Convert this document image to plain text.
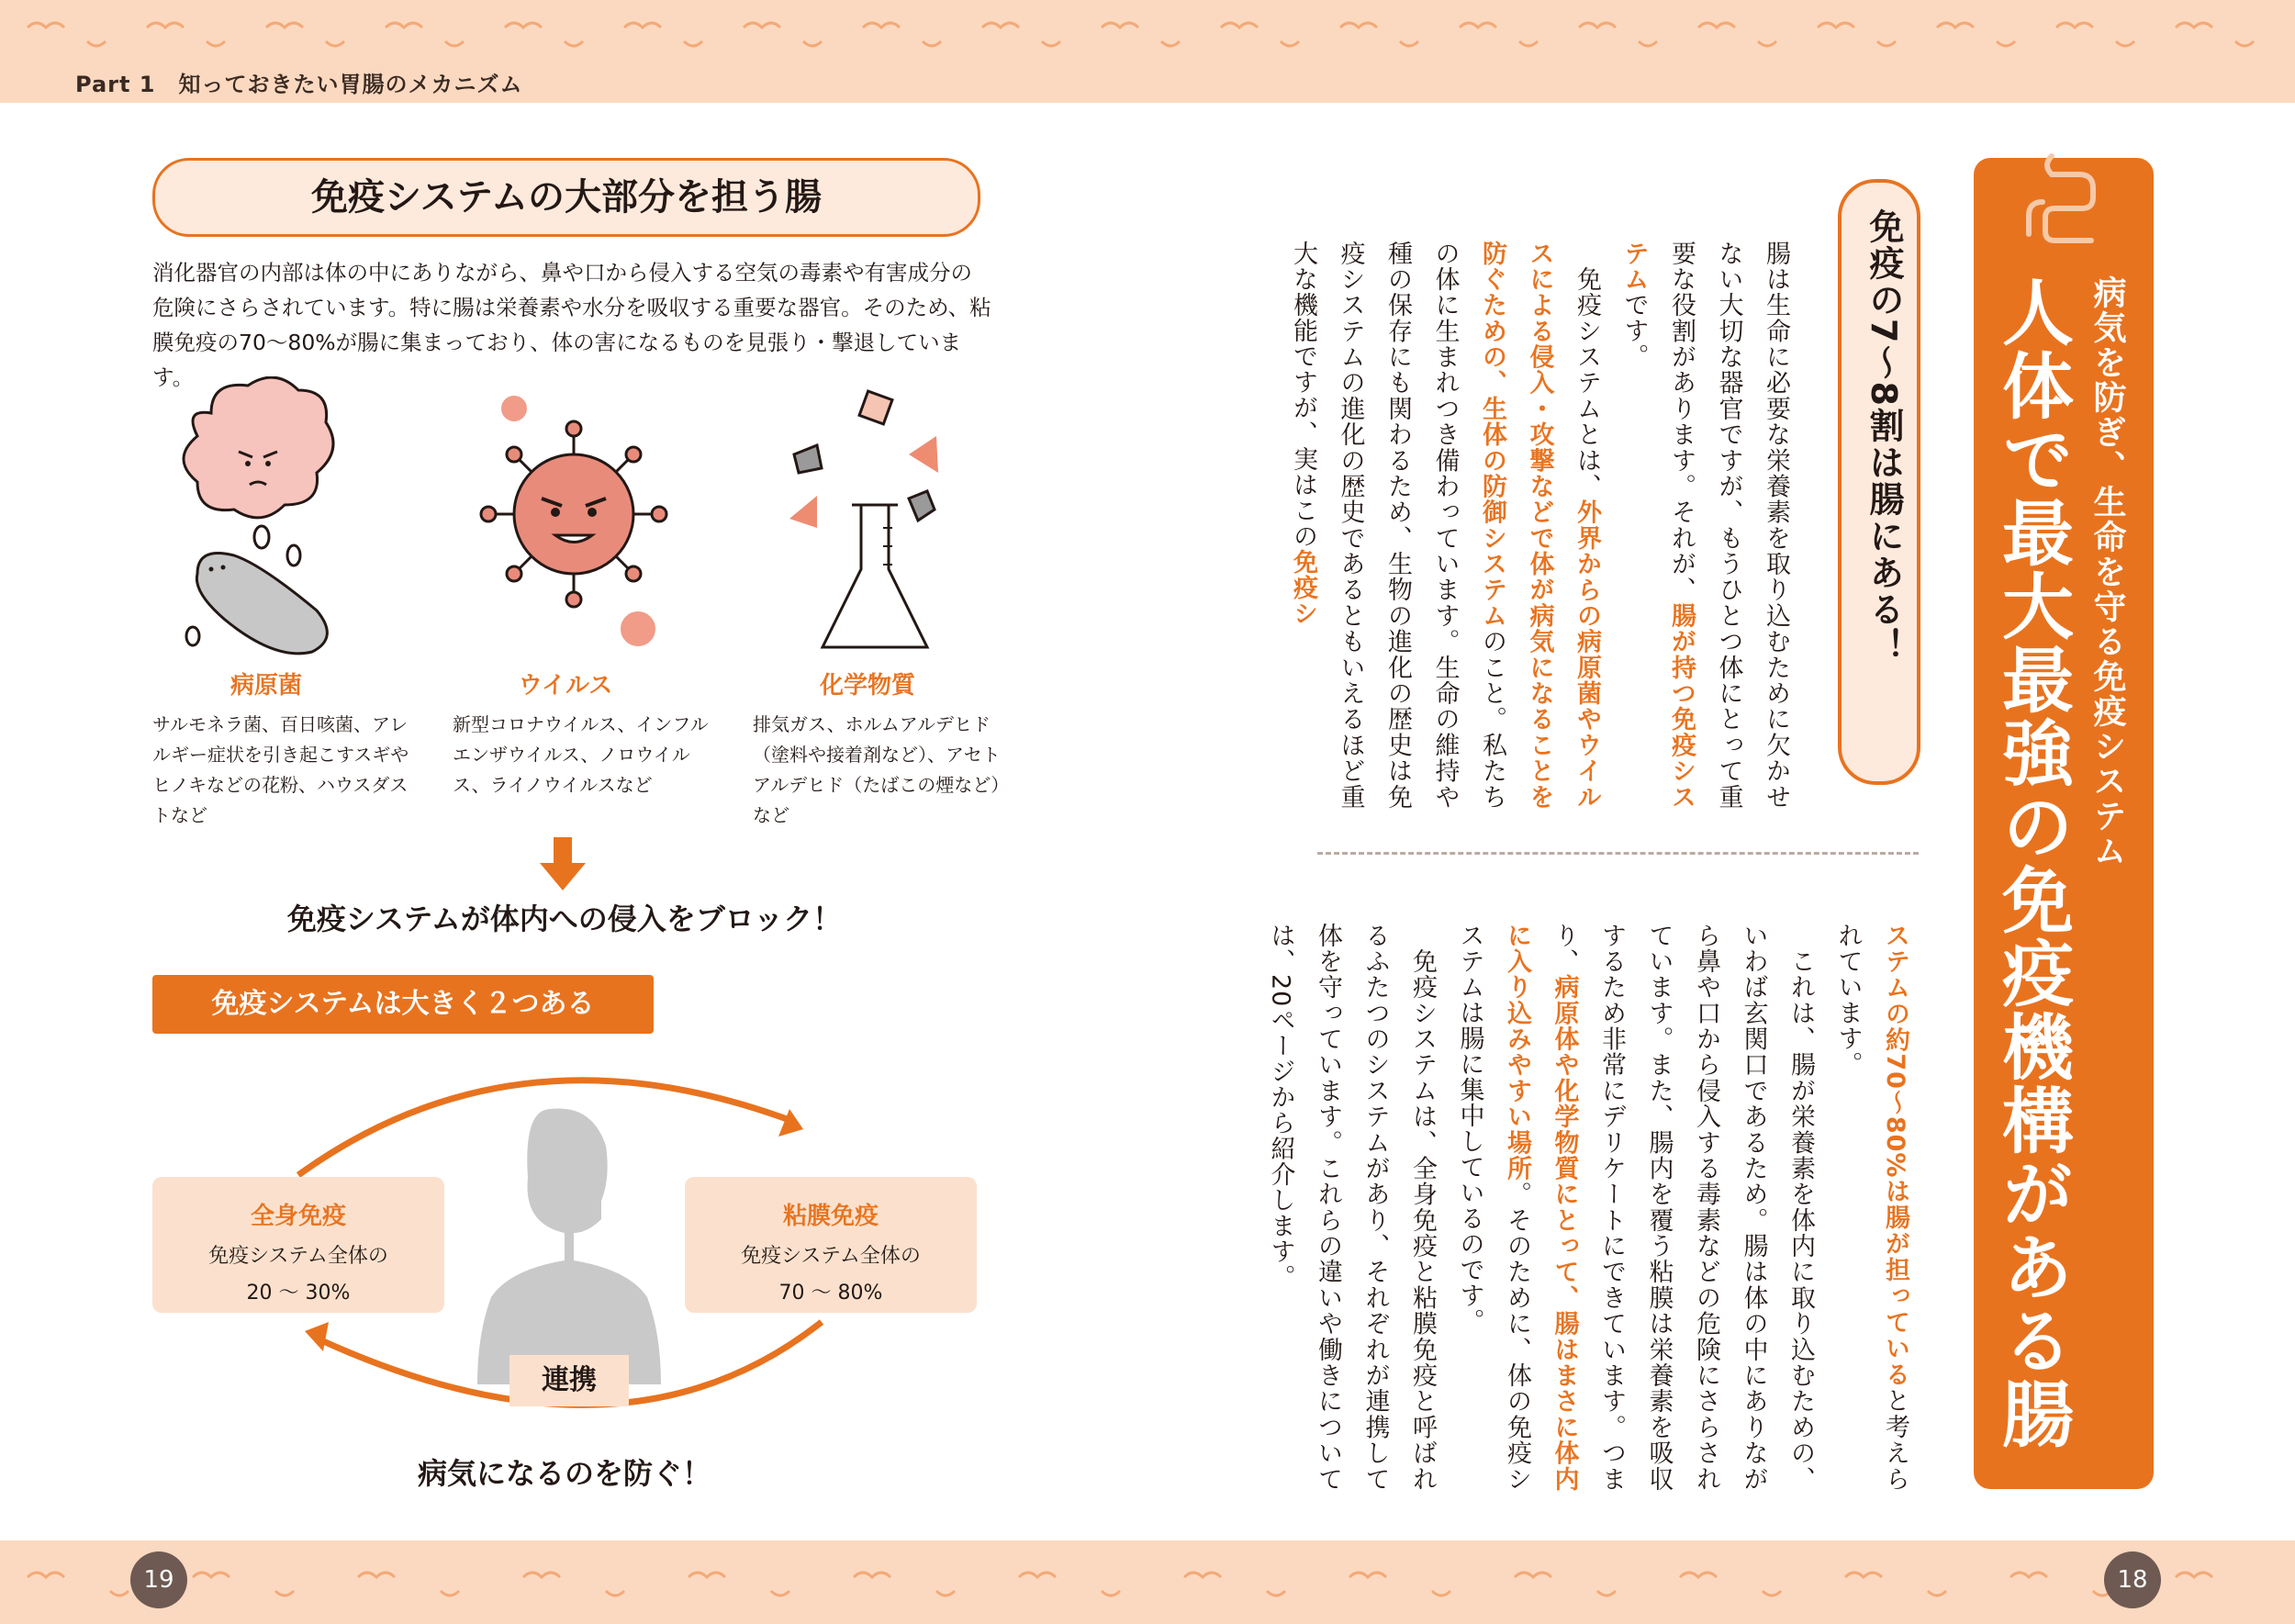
Part 1　知っておきたい胃腸のメカニズム
19	18
免疫システムの大部分を担う腸
消化器官の内部は体の中にありながら、鼻や口から侵入する空気の毒素や有害成分の危険にさらされています。特に腸は栄養素や水分を吸収する重要な器官。そのため、粘膜免疫の70～80%が腸に集まっており、体の害になるものを見張り・撃退しています。
病原菌	ウイルス	化学物質
サルモネラ菌、百日咳菌、アレルギー症状を引き起こすスギやヒノキなどの花粉、ハウスダストなど
新型コロナウイルス、インフルエンザウイルス、ノロウイルス、ライノウイルスなど
排気ガス、ホルムアルデヒド（塗料や接着剤など）、アセトアルデヒド（たばこの煙など）など
免疫システムが体内への侵入をブロック！
免疫システムは大きく２つある
全身免疫
免疫システム全体の
20 ～ 30%
粘膜免疫
免疫システム全体の
70 ～ 80%
連携
病気になるのを防ぐ！
病気を防ぎ、生命を守る免疫システム
人体で最大最強の免疫機構がある腸
免疫の7～8割は腸にある！
腸は生命に必要な栄養素を取り込むために欠かせない大切な器官ですが、もうひとつ体にとって重要な役割があります。それが、腸が持つ免疫システムです。
　免疫システムとは、外界からの病原菌やウイルスによる侵入・攻撃などで体が病気になることを防ぐための、生体の防御システムのこと。私たちの体に生まれつき備わっています。生命の維持や種の保存にも関わるため、生物の進化の歴史は免疫システムの進化の歴史であるともいえるほど重大な機能ですが、実はこの免疫シ
ステムの約70～80%は腸が担っていると考えられています。
　これは、腸が栄養素を体内に取り込むための、いわば玄関口であるため。腸は体の中にありながら鼻や口から侵入する毒素などの危険にさらされています。また、腸内を覆う粘膜は栄養素を吸収するため非常にデリケートにできています。つまり、病原体や化学物質にとって、腸はまさに体内に入り込みやすい場所。そのために、体の免疫システムは腸に集中しているのです。
　免疫システムは、全身免疫と粘膜免疫と呼ばれるふたつのシステムがあり、それぞれが連携して体を守っています。これらの違いや働きについては、20ページから紹介します。
